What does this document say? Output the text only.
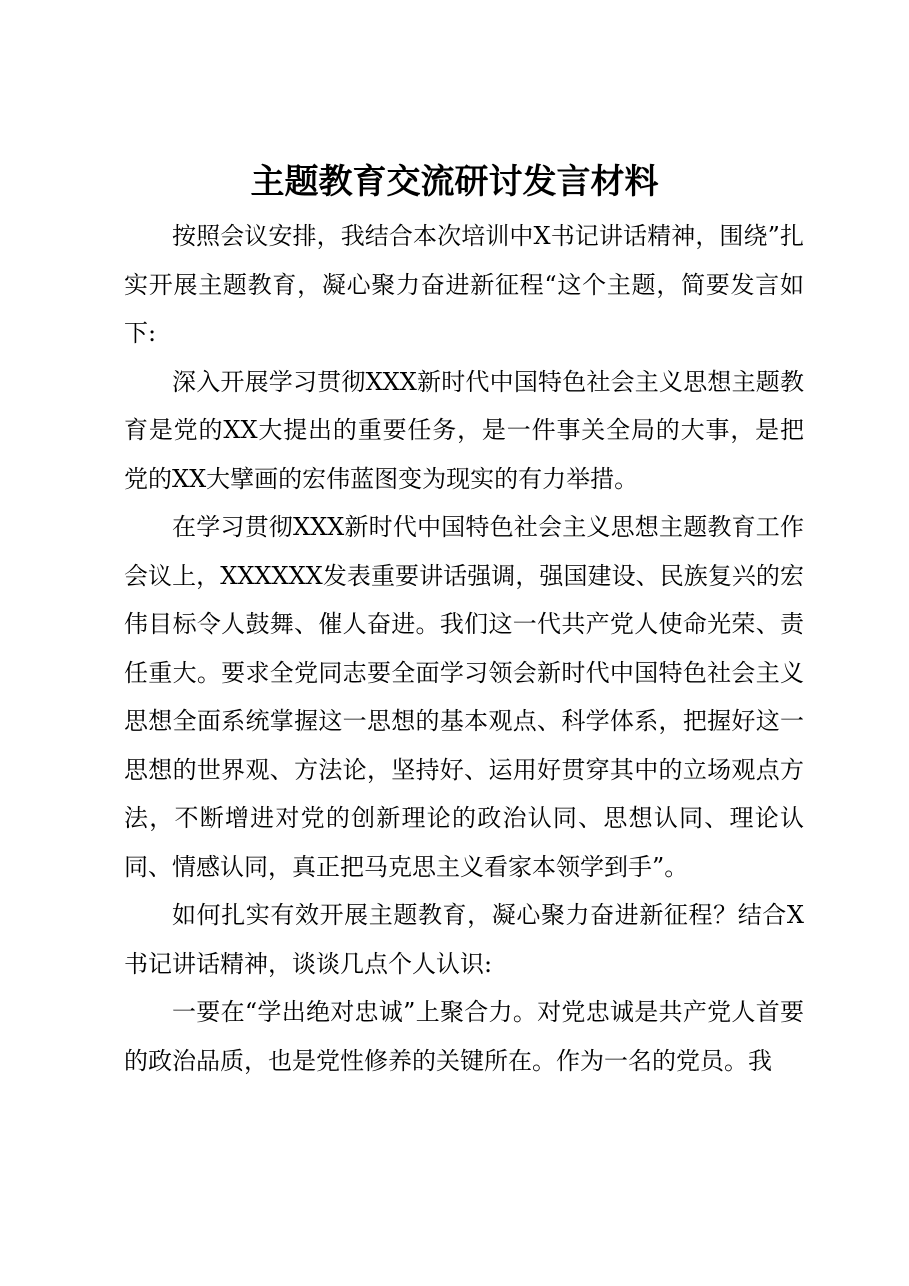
主题教育交流研讨发言材料

按照会议安排，我结合本次培训中X书记讲话精神，围绕”扎实开展主题教育，凝心聚力奋进新征程“这个主题，简要发言如下:

深入开展学习贯彻XXX新时代中国特色社会主义思想主题教育是党的XX大提出的重要任务，是一件事关全局的大事，是把党的XX大擘画的宏伟蓝图变为现实的有力举措。

在学习贯彻XXX新时代中国特色社会主义思想主题教育工作会议上，XXXXXX发表重要讲话强调，强国建设、民族复兴的宏伟目标令人鼓舞、催人奋进。我们这一代共产党人使命光荣、责任重大。要求全党同志要全面学习领会新时代中国特色社会主义思想全面系统掌握这一思想的基本观点、科学体系，把握好这一思想的世界观、方法论，坚持好、运用好贯穿其中的立场观点方法，不断增进对党的创新理论的政治认同、思想认同、理论认同、情感认同，真正把马克思主义看家本领学到手”。

如何扎实有效开展主题教育，凝心聚力奋进新征程？结合X书记讲话精神，谈谈几点个人认识:

一要在“学出绝对忠诚”上聚合力。对党忠诚是共产党人首要的政治品质，也是党性修养的关键所在。作为一名的党员。我
